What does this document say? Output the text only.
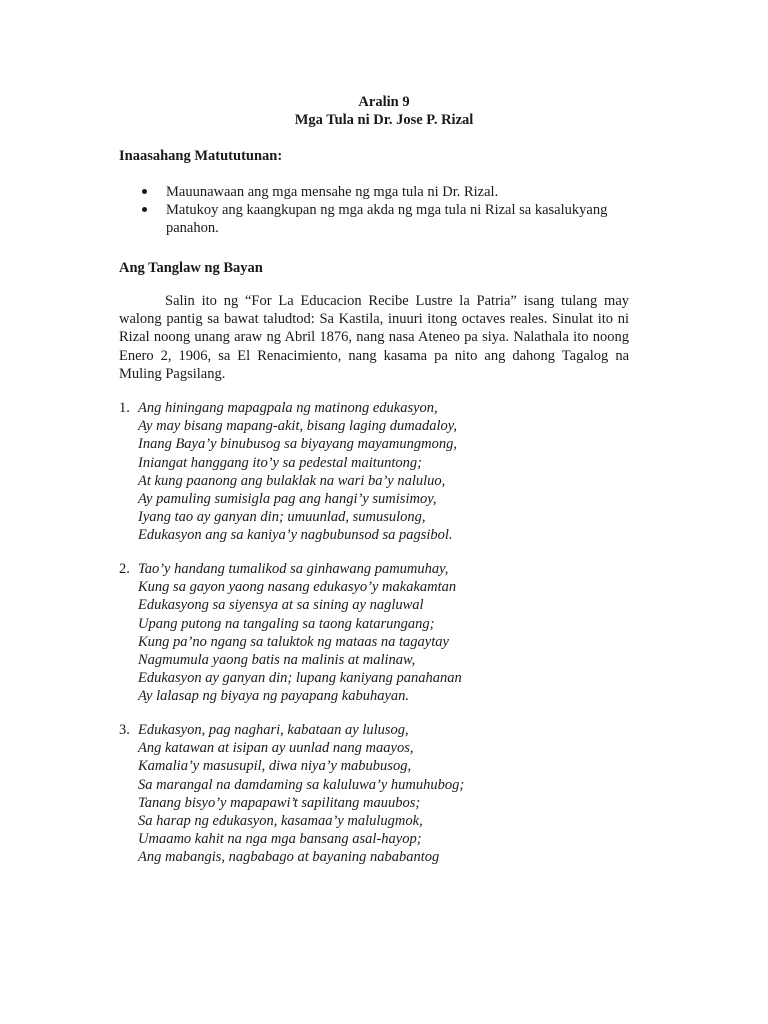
Aralin 9
Mga Tula ni Dr. Jose P. Rizal
Inaasahang Matututunan:
Mauunawaan ang mga mensahe ng mga tula ni Dr. Rizal.
Matukoy ang kaangkupan ng mga akda ng mga tula ni Rizal sa kasalukyang panahon.
Ang Tanglaw ng Bayan

Salin ito ng “For La Educacion Recibe Lustre la Patria” isang tulang may walong pantig sa bawat taludtod: Sa Kastila, inuuri itong octaves reales. Sinulat ito ni Rizal noong unang araw ng Abril 1876, nang nasa Ateneo pa siya. Nalathala ito noong Enero 2, 1906, sa El Renacimiento, nang kasama pa nito ang dahong Tagalog na Muling Pagsilang.

1. Ang hiningang mapagpala ng matinong edukasyon,
Ay may bisang mapang-akit, bisang laging dumadaloy,
Inang Baya’y binubusog sa biyayang mayamungmong,
Iniangat hanggang ito’y sa pedestal maituntong;
At kung paanong ang bulaklak na wari ba’y naluluo,
Ay pamuling sumisigla pag ang hangi’y sumisimoy,
Iyang tao ay ganyan din; umuunlad, sumusulong,
Edukasyon ang sa kaniya’y nagbubunsod sa pagsibol.
2. Tao’y handang tumalikod sa ginhawang pamumuhay,
Kung sa gayon yaong nasang edukasyo’y makakamtan
Edukasyong sa siyensya at sa sining ay nagluwal
Upang putong na tangaling sa taong katarungang;
Kung pa’no ngang sa taluktok ng mataas na tagaytay
Nagmumula yaong batis na malinis at malinaw,
Edukasyon ay ganyan din; lupang kaniyang panahanan
Ay lalasap ng biyaya ng payapang kabuhayan.
3. Edukasyon, pag naghari, kabataan ay lulusog,
Ang katawan at isipan ay uunlad nang maayos,
Kamalia’y masusupil, diwa niya’y mabubusog,
Sa marangal na damdaming sa kaluluwa’y humuhubog;
Tanang bisyo’y mapapawi’t sapilitang mauubos;
Sa harap ng edukasyon, kasamaa’y malulugmok,
Umaamo kahit na nga mga bansang asal-hayop;
Ang mabangis, nagbabago at bayaning nababantog
